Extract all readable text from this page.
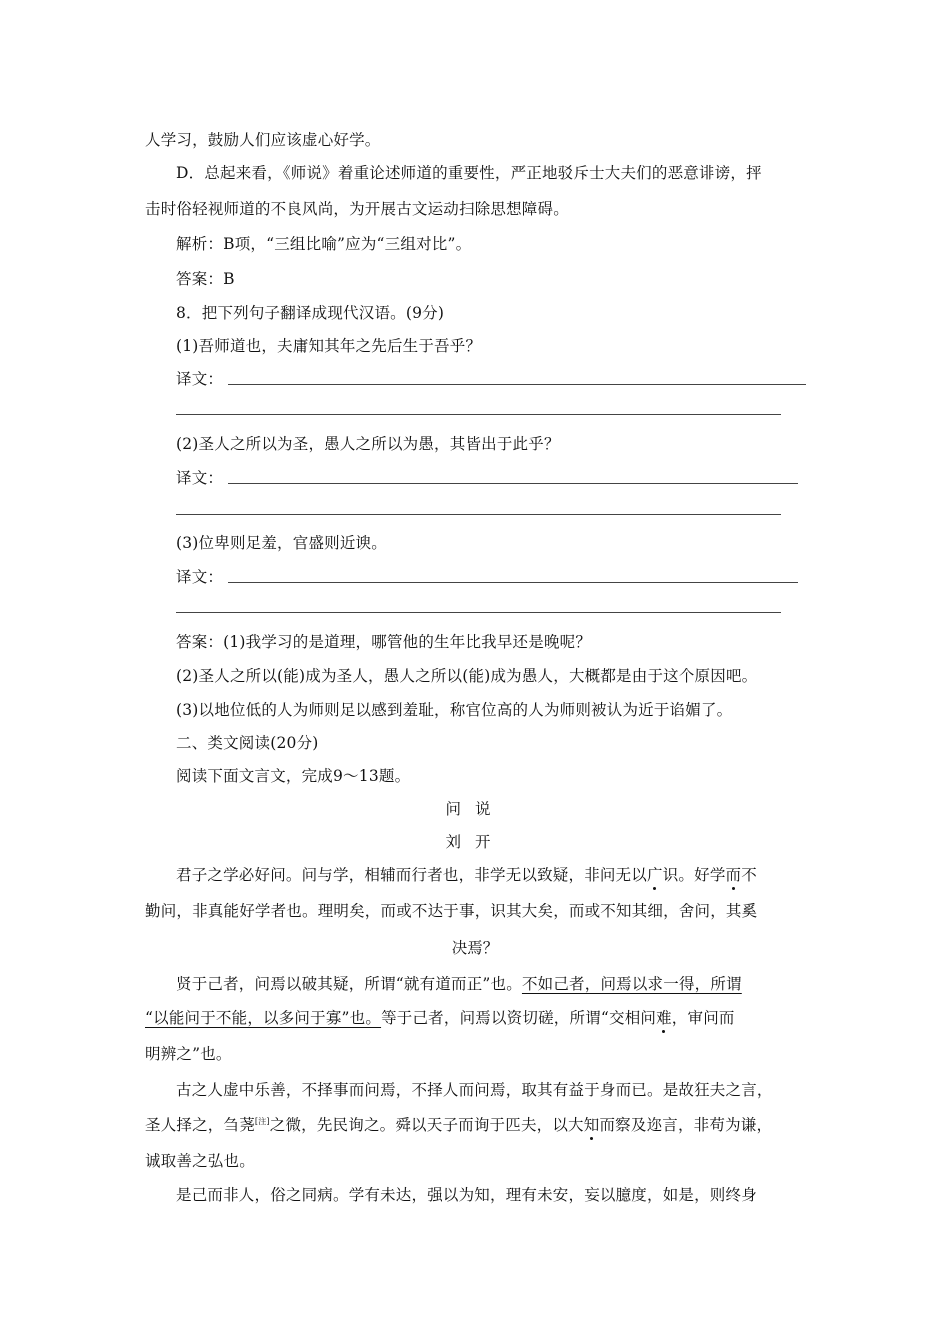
人学习，鼓励人们应该虚心好学。
D．总起来看，《师说》着重论述师道的重要性，严正地驳斥士大夫们的恶意诽谤，抨
击时俗轻视师道的不良风尚，为开展古文运动扫除思想障碍。
解析：B项，“三组比喻”应为“三组对比”。
答案：B
8．把下列句子翻译成现代汉语。(9分)
(1)吾师道也，夫庸知其年之先后生于吾乎？
译文：
(2)圣人之所以为圣，愚人之所以为愚，其皆出于此乎？
译文：
(3)位卑则足羞，官盛则近谀。
译文：
答案：(1)我学习的是道理，哪管他的生年比我早还是晚呢？
(2)圣人之所以(能)成为圣人，愚人之所以(能)成为愚人，大概都是由于这个原因吧。
(3)以地位低的人为师则足以感到羞耻，称官位高的人为师则被认为近于谄媚了。
二、类文阅读(20分)
阅读下面文言文，完成9～13题。
问说
刘开
君子之学必好问。问与学，相辅而行者也，非学无以致疑，非问无以广识。好学而不
勤问，非真能好学者也。理明矣，而或不达于事，识其大矣，而或不知其细，舍问，其奚
决焉？
贤于己者，问焉以破其疑，所谓“就有道而正”也。不如己者，问焉以求一得，所谓
“以能问于不能，以多问于寡”也。等于己者，问焉以资切磋，所谓“交相问难，审问而
明辨之”也。
古之人虚中乐善，不择事而问焉，不择人而问焉，取其有益于身而已。是故狂夫之言，
圣人择之，刍荛[注]之微，先民询之。舜以天子而询于匹夫，以大知而察及迩言，非苟为谦，
诚取善之弘也。
是己而非人，俗之同病。学有未达，强以为知，理有未安，妄以臆度，如是，则终身
